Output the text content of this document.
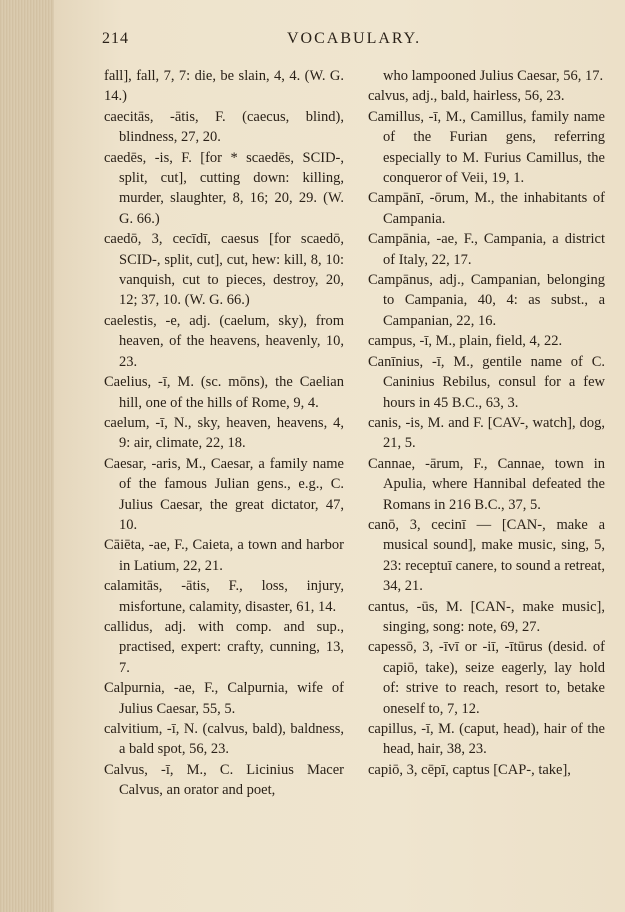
214	VOCABULARY.

fall], fall, 7, 7: die, be slain, 4, 4. (W. G. 14.)

caecitās, -ātis, F. (caecus, blind), blindness, 27, 20.

caedēs, -is, F. [for * scaedēs, SCID-, split, cut], cutting down: killing, murder, slaughter, 8, 16; 20, 29. (W. G. 66.)

caedō, 3, cecīdī, caesus [for scaedō, SCID-, split, cut], cut, hew: kill, 8, 10: vanquish, cut to pieces, destroy, 20, 12; 37, 10. (W. G. 66.)

caelestis, -e, adj. (caelum, sky), from heaven, of the heavens, heavenly, 10, 23.

Caelius, -ī, M. (sc. mōns), the Caelian hill, one of the hills of Rome, 9, 4.

caelum, -ī, N., sky, heaven, heavens, 4, 9: air, climate, 22, 18.

Caesar, -aris, M., Caesar, a family name of the famous Julian gens., e.g., C. Julius Caesar, the great dictator, 47, 10.

Cāiēta, -ae, F., Caieta, a town and harbor in Latium, 22, 21.

calamitās, -ātis, F., loss, injury, misfortune, calamity, disaster, 61, 14.

callidus, adj. with comp. and sup., practised, expert: crafty, cunning, 13, 7.

Calpurnia, -ae, F., Calpurnia, wife of Julius Caesar, 55, 5.

calvitium, -ī, N. (calvus, bald), baldness, a bald spot, 56, 23.

Calvus, -ī, M., C. Licinius Macer Calvus, an orator and poet,

who lampooned Julius Caesar, 56, 17.

calvus, adj., bald, hairless, 56, 23.

Camillus, -ī, M., Camillus, family name of the Furian gens, referring especially to M. Furius Camillus, the conqueror of Veii, 19, 1.

Campānī, -ōrum, M., the inhabitants of Campania.

Campānia, -ae, F., Campania, a district of Italy, 22, 17.

Campānus, adj., Campanian, belonging to Campania, 40, 4: as subst., a Campanian, 22, 16.

campus, -ī, M., plain, field, 4, 22.

Canīnius, -ī, M., gentile name of C. Caninius Rebilus, consul for a few hours in 45 B.C., 63, 3.

canis, -is, M. and F. [CAV-, watch], dog, 21, 5.

Cannae, -ārum, F., Cannae, town in Apulia, where Hannibal defeated the Romans in 216 B.C., 37, 5.

canō, 3, cecinī — [CAN-, make a musical sound], make music, sing, 5, 23: receptuī canere, to sound a retreat, 34, 21.

cantus, -ūs, M. [CAN-, make music], singing, song: note, 69, 27.

capessō, 3, -īvī or -iī, -ītūrus (desid. of capiō, take), seize eagerly, lay hold of: strive to reach, resort to, betake oneself to, 7, 12.

capillus, -ī, M. (caput, head), hair of the head, hair, 38, 23.

capiō, 3, cēpī, captus [CAP-, take],
